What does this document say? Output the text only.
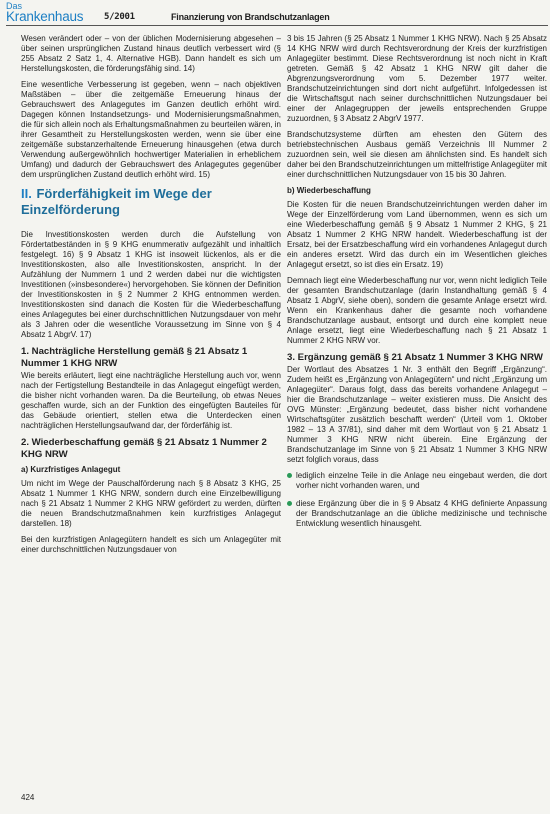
Das
Krankenhaus 5/2001	Finanzierung von Brandschutzanlagen

Wesen verändert oder – von der üblichen Modernisierung abgesehen – über seinen ursprünglichen Zustand hinaus deutlich verbessert wird (§ 255 Absatz 2 Satz 1, 4. Alternative HGB). Dann handelt es sich um Herstellungskosten, die förderungsfähig sind. 14)

Eine wesentliche Verbesserung ist gegeben, wenn – nach objektiven Maßstäben – über die zeitgemäße Erneuerung hinaus der Gebrauchswert des Anlagegutes im Ganzen deutlich erhöht wird. Dagegen können Instandsetzungs- und Modernisierungsmaßnahmen, die für sich allein noch als Erhaltungsmaßnahmen zu beurteilen wären, in ihrer Gesamtheit zu Herstellungskosten werden, wenn sie über eine zeitgemäße substanzerhaltende Erneuerung hinausgehen (etwa durch Verwendung außergewöhnlich hochwertiger Materialien in erheblichem Umfang) und dadurch der Gebrauchswert des Anlagegutes gegenüber dem ursprünglichen Zustand deutlich erhöht wird. 15)

II. Förderfähigkeit im Wege der Einzelförderung

Die Investitionskosten werden durch die Aufstellung von Fördertatbeständen in § 9 KHG enummerativ aufgezählt und inhaltlich festgelegt. 16) § 9 Absatz 1 KHG ist insoweit lückenlos, als er die Investitionskosten, also alle Investitionskosten, anspricht. In der Aufzählung der Nummern 1 und 2 werden dabei nur die wichtigsten Investitionen (»insbesondere«) hervorgehoben. Sie können der Definition der Investitionskosten in § 2 Nummer 2 KHG entnommen werden. Investitionskosten sind danach die Kosten für die Wiederbeschaffung eines Anlagegutes bei einer durchschnittlichen Nutzungsdauer von mehr als 3 Jahren oder die wesentliche Voraussetzung im Sinne von § 4 Absatz 1 AbgrV. 17)

1. Nachträgliche Herstellung gemäß § 21 Absatz 1 Nummer 1 KHG NRW

Wie bereits erläutert, liegt eine nachträgliche Herstellung auch vor, wenn nach der Fertigstellung Bestandteile in das Anlagegut eingefügt werden, die bisher nicht vorhanden waren. Da die Beurteilung, ob etwas Neues geschaffen wurde, sich an der Funktion des eingefügten Bauteiles für das Gebäude orientiert, stellen etwa die Unterdecken einen nachträglichen Herstellungsaufwand dar, der förderfähig ist.

2. Wiederbeschaffung gemäß § 21 Absatz 1 Nummer 2 KHG NRW
a) Kurzfristiges Anlagegut

Um nicht im Wege der Pauschalförderung nach § 8 Absatz 3 KHG, 25 Absatz 1 Nummer 1 KHG NRW, sondern durch eine Einzelbewilligung nach § 21 Absatz 1 Nummer 2 KHG NRW gefördert zu werden, dürften die neuen Brandschutzmaßnahmen kein kurzfristiges Anlagegut darstellen. 18)

Bei den kurzfristigen Anlagegütern handelt es sich um Anlagegüter mit einer durchschnittlichen Nutzungsdauer von

3 bis 15 Jahren (§ 25 Absatz 1 Nummer 1 KHG NRW). Nach § 25 Absatz 14 KHG NRW wird durch Rechtsverordnung der Kreis der kurzfristigen Anlagegüter bestimmt. Diese Rechtsverordnung ist noch nicht in Kraft getreten. Gemäß § 42 Absatz 1 KHG NRW gilt daher die Abgrenzungsverordnung vom 5. Dezember 1977 weiter. Brandschutzeinrichtungen sind dort nicht aufgeführt. Infolgedessen ist die Wirtschaftsgut nach seiner durchschnittlichen Nutzungsdauer bei einer der Anlagegruppen der jeweils entsprechenden Gruppe zuzuordnen, § 3 Absatz 2 AbgrV 1977.

Brandschutzsysteme dürften am ehesten den Gütern des betriebstechnischen Ausbaus gemäß Verzeichnis III Nummer 2 zuzuordnen sein, weil sie diesen am ähnlichsten sind. Es handelt sich daher bei den Brandschutzeinrichtungen um mittelfristige Anlagegüter mit einer durchschnittlichen Nutzungsdauer von 15 bis 30 Jahren.

b) Wiederbeschaffung

Die Kosten für die neuen Brandschutzeinrichtungen werden daher im Wege der Einzelförderung vom Land übernommen, wenn es sich um eine Wiederbeschaffung gemäß § 9 Absatz 1 Nummer 2 KHG, § 21 Absatz 1 Nummer 2 KHG NRW handelt. Wiederbeschaffung ist der Ersatz, bei der Ersatzbeschaffung wird ein vorhandenes Anlagegut durch ein anderes ersetzt. Wird das durch ein im Wesentlichen gleiches Anlagegut ersetzt, so ist dies ein Ersatz. 19)

Demnach liegt eine Wiederbeschaffung nur vor, wenn nicht lediglich Teile der gesamten Brandschutzanlage (darin Instandhaltung gemäß § 4 Absatz 1 AbgrV, siehe oben), sondern die gesamte Anlage ersetzt wird. Wenn ein Krankenhaus daher die gesamte noch vorhandene Brandschutzanlage ausbaut, entsorgt und durch eine komplett neue Anlage ersetzt, liegt eine Wiederbeschaffung nach § 21 Absatz 1 Nummer 2 KHG NRW vor.

3. Ergänzung gemäß § 21 Absatz 1 Nummer 3 KHG NRW

Der Wortlaut des Absatzes 1 Nr. 3 enthält den Begriff „Ergänzung“. Zudem heißt es „Ergänzung von Anlagegütern“ und nicht „Ergänzung um Anlagegüter“. Daraus folgt, dass das bereits vorhandene Anlagegut – hier die Brandschutzanlage – weiter existieren muss. Die Ansicht des OVG Münster: „Ergänzung bedeutet, dass bisher nicht vorhandene Wirtschaftsgüter zusätzlich beschafft werden“ (Urteil vom 1. Oktober 1982 – 13 A 37/81), sind daher mit dem Wortlaut von § 21 Absatz 1 Nummer 3 KHG NRW nicht überein. Eine Ergänzung der Brandschutzanlage im Sinne von § 21 Absatz 1 Nummer 3 KHG NRW setzt folglich voraus, dass

lediglich einzelne Teile in die Anlage neu eingebaut werden, die dort vorher nicht vorhanden waren, und
diese Ergänzung über die in § 9 Absatz 4 KHG definierte Anpassung der Brandschutzanlage an die übliche medizinische und technische Entwicklung wesentlich hinausgeht.
424
